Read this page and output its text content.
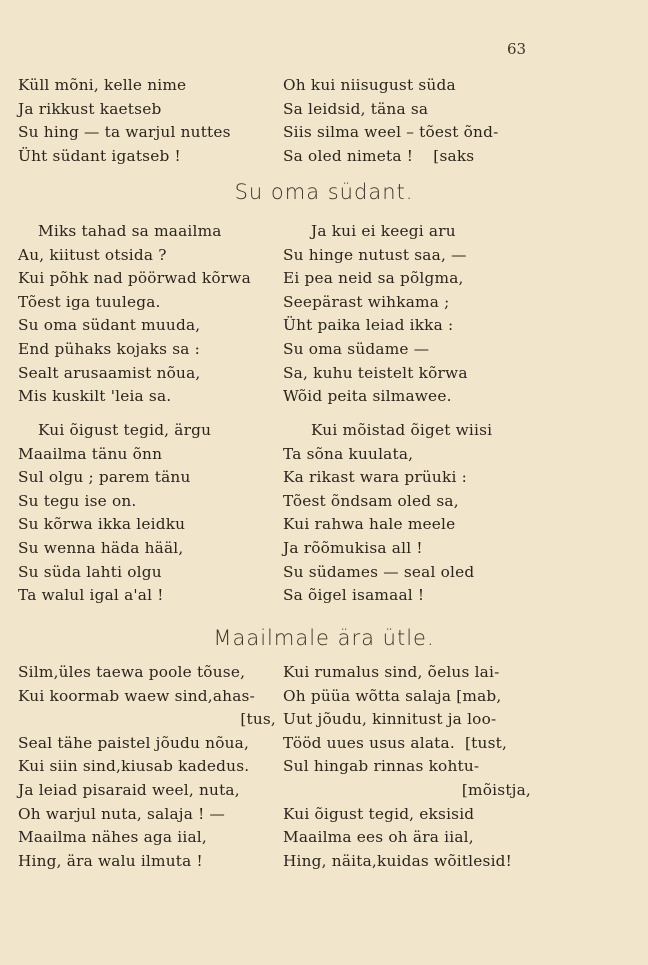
63
Küll mõni, kelle nime
Ja rikkust kaetseb
Su hing — ta warjul nuttes
Üht südant igatseb !
Oh kui niisugust süda
Sa leidsid, täna sa
Siis silma weel – tõest õnd-
Sa oled nimeta !    [saks
Su oma südant.
Miks tahad sa maailma
Au, kiitust otsida ?
Kui põhk nad pöörwad kõrwa
Tõest iga tuulega.
Su oma südant muuda,
End pühaks kojaks sa :
Sealt arusaamist nõua,
Mis kuskilt 'leia sa.
Ja kui ei keegi aru
Su hinge nutust saa, —
Ei pea neid sa põlgma,
Seepärast wihkama ;
Üht paika leiad ikka :
Su oma südame —
Sa, kuhu teistelt kõrwa
Wõid peita silmawee.
Kui õigust tegid, ärgu
Maailma tänu õnn
Sul olgu ; parem tänu
Su tegu ise on.
Su kõrwa ikka leidku
Su wenna häda hääl,
Su süda lahti olgu
Ta walul igal a'al !
Kui mõistad õiget wiisi
Ta sõna kuulata,
Ka rikast wara prüuki :
Tõest õndsam oled sa,
Kui rahwa hale meele
Ja rõõmukisa all !
Su südames — seal oled
Sa õigel isamaal !
Maailmale ära ütle.
Silm,üles taewa poole tõuse,
Kui koormab waew sind,ahas-
[tus,
Seal tähe paistel jõudu nõua,
Kui siin sind,kiusab kadedus.
Ja leiad pisaraid weel, nuta,
Oh warjul nuta, salaja ! —
Maailma nähes aga iial,
Hing, ära walu ilmuta !
Kui rumalus sind, õelus lai-
Oh püüa wõtta salaja [mab,
Uut jõudu, kinnitust ja loo-
Tööd uues usus alata.  [tust,
Sul hingab rinnas kohtu-
[mõistja,
Kui õigust tegid, eksisid
Maailma ees oh ära iial,
Hing, näita,kuidas wõitlesid!
